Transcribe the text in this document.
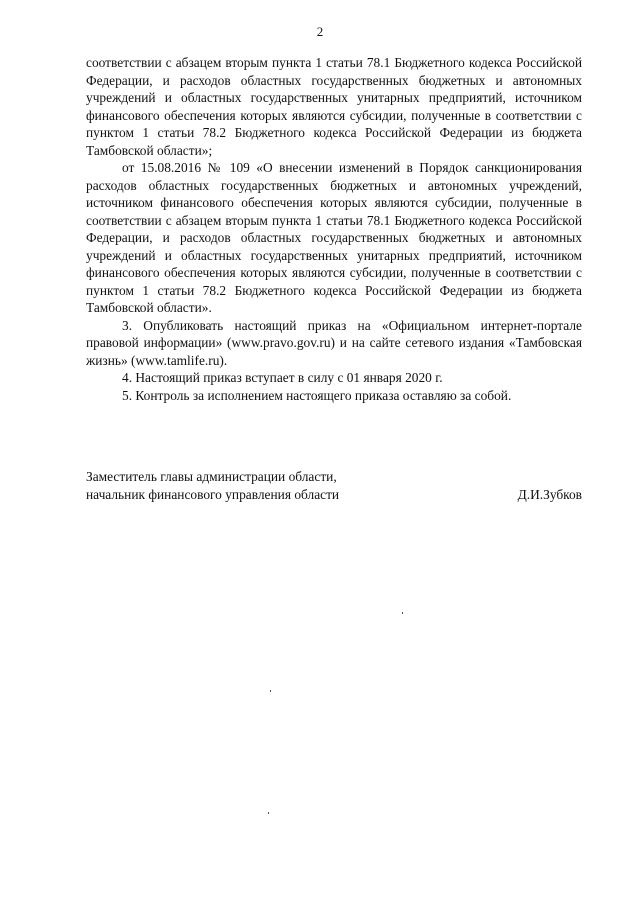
2

соответствии с абзацем вторым пункта 1 статьи 78.1 Бюджетного кодекса Российской Федерации, и расходов областных государственных бюджетных и автономных учреждений и областных государственных унитарных предприятий, источником финансового обеспечения которых являются субсидии, полученные в соответствии с пунктом 1 статьи 78.2 Бюджетного кодекса Российской Федерации из бюджета Тамбовской области»;

от 15.08.2016 № 109 «О внесении изменений в Порядок санкционирования расходов областных государственных бюджетных и автономных учреждений, источником финансового обеспечения которых являются субсидии, полученные в соответствии с абзацем вторым пункта 1 статьи 78.1 Бюджетного кодекса Российской Федерации, и расходов областных государственных бюджетных и автономных учреждений и областных государственных унитарных предприятий, источником финансового обеспечения которых являются субсидии, полученные в соответствии с пунктом 1 статьи 78.2 Бюджетного кодекса Российской Федерации из бюджета Тамбовской области».

3. Опубликовать настоящий приказ на «Официальном интернет-портале правовой информации» (www.pravo.gov.ru) и на сайте сетевого издания «Тамбовская жизнь» (www.tamlife.ru).

4. Настоящий приказ вступает в силу с 01 января 2020 г.

5. Контроль за исполнением настоящего приказа оставляю за собой.

Заместитель главы администрации области,
начальник финансового управления области	Д.И.Зубков
